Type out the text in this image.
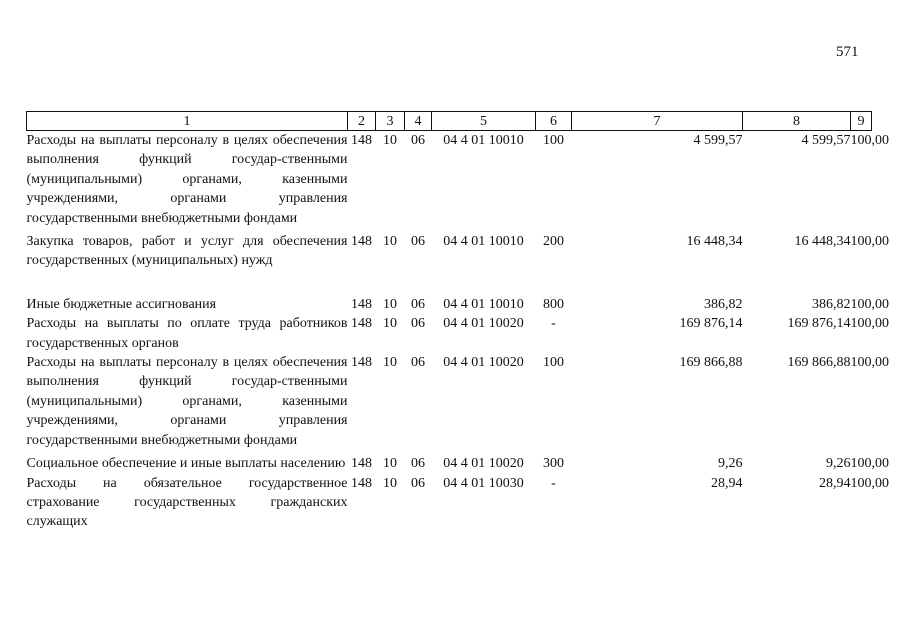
571
1	2	3	4	5	6	7	8	9
Расходы на выплаты персоналу в целях обеспечения выполнения функций государ-ственными (муниципальными) органами, казенными учреждениями, органами управления государственными внебюджетными фондами	148	10	06	04 4 01 10010	100	4 599,57	4 599,57	100,00
Закупка товаров, работ и услуг для обеспечения государственных (муниципальных) нужд	148	10	06	04 4 01 10010	200	16 448,34	16 448,34	100,00
Иные бюджетные ассигнования	148	10	06	04 4 01 10010	800	386,82	386,82	100,00
Расходы на выплаты по оплате труда работников государственных органов	148	10	06	04 4 01 10020	-	169 876,14	169 876,14	100,00
Расходы на выплаты персоналу в целях обеспечения выполнения функций государ-ственными (муниципальными) органами, казенными учреждениями, органами управления государственными внебюджетными фондами	148	10	06	04 4 01 10020	100	169 866,88	169 866,88	100,00
Социальное обеспечение и иные выплаты населению	148	10	06	04 4 01 10020	300	9,26	9,26	100,00
Расходы на обязательное государственное страхование государственных гражданских служащих	148	10	06	04 4 01 10030	-	28,94	28,94	100,00
